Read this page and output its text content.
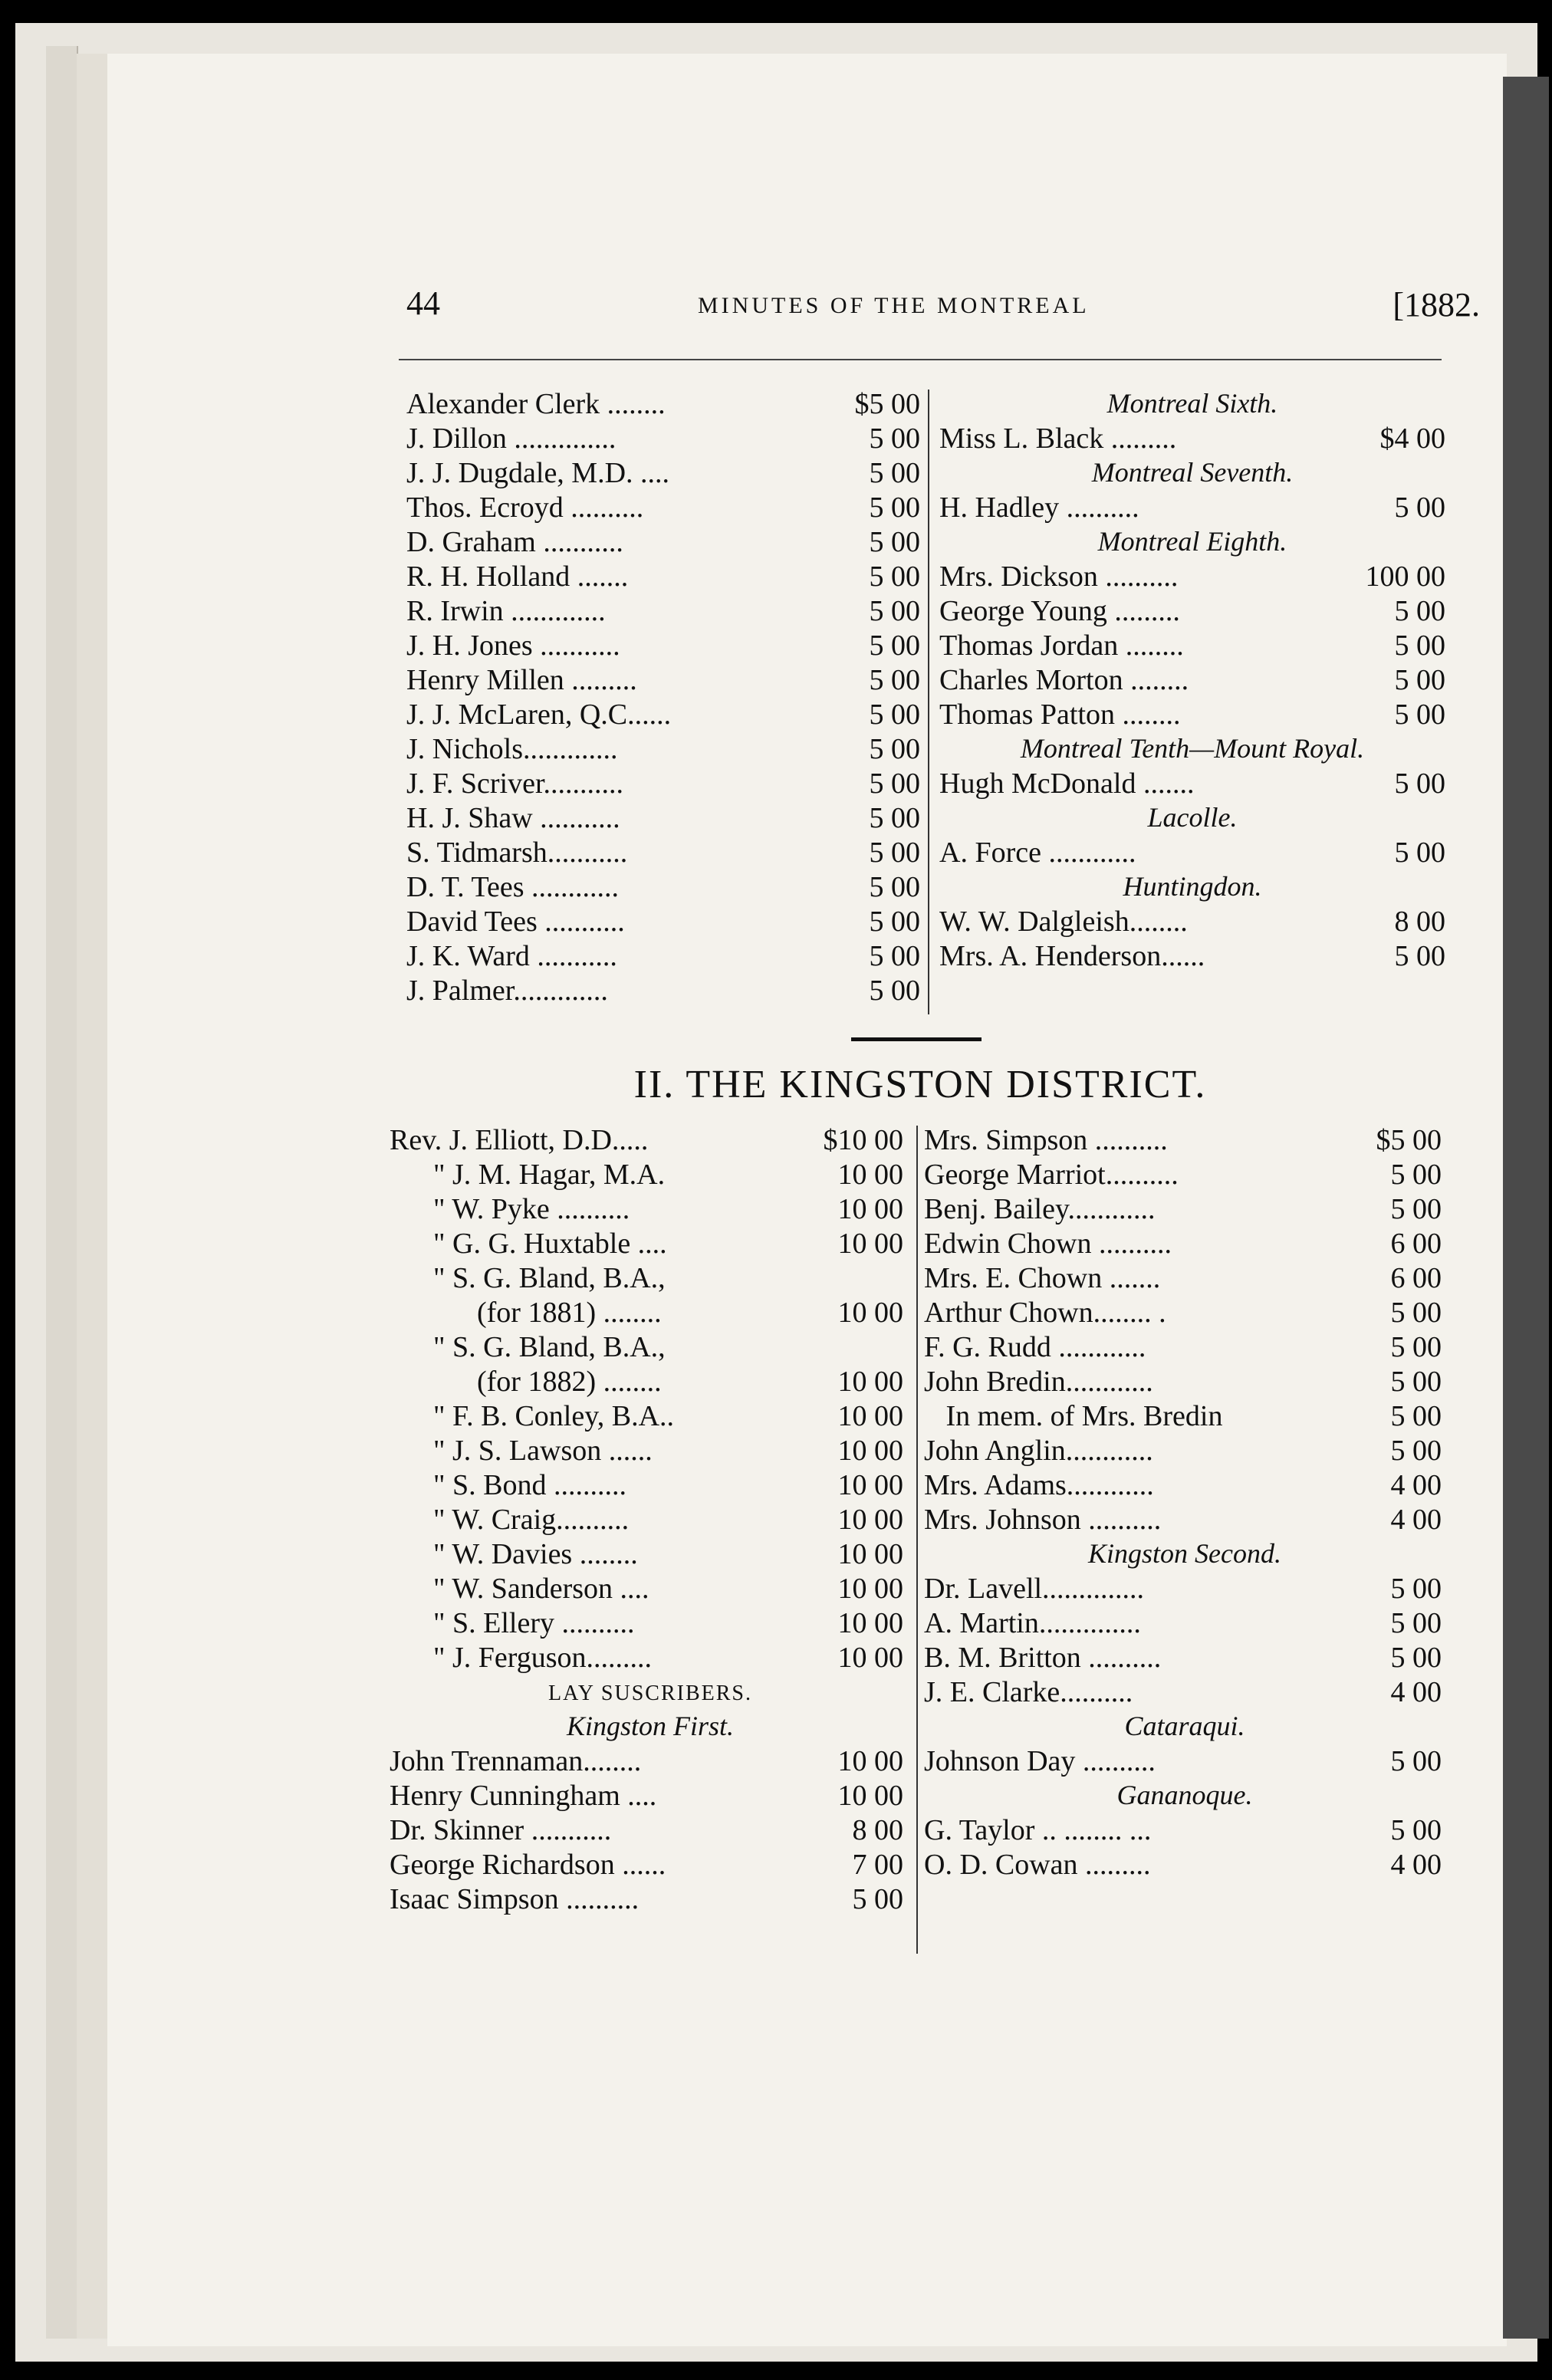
44	MINUTES OF THE MONTREAL	[1882.
Alexander Clerk ........	$5 00
J. Dillon ..............	5 00
J. J. Dugdale, M.D. ....	5 00
Thos. Ecroyd ..........	5 00
D. Graham ...........	5 00
R. H. Holland .......	5 00
R. Irwin .............	5 00
J. H. Jones ...........	5 00
Henry Millen .........	5 00
J. J. McLaren, Q.C......	5 00
J. Nichols.............	5 00
J. F. Scriver...........	5 00
H. J. Shaw ...........	5 00
S. Tidmarsh...........	5 00
D. T. Tees ............	5 00
David Tees ...........	5 00
J. K. Ward ...........	5 00
J. Palmer.............	5 00
Montreal Sixth.
Miss L. Black .........	$4 00
Montreal Seventh.
H. Hadley ..........	5 00
Montreal Eighth.
Mrs. Dickson ..........	100 00
George Young .........	5 00
Thomas Jordan ........	5 00
Charles Morton ........	5 00
Thomas Patton ........	5 00
Montreal Tenth—Mount Royal.
Hugh McDonald .......	5 00
Lacolle.
A. Force ............	5 00
Huntingdon.
W. W. Dalgleish........	8 00
Mrs. A. Henderson......	5 00
II. THE KINGSTON DISTRICT.
Rev. J. Elliott, D.D.....	$10 00
" J. M. Hagar, M.A.	10 00
" W. Pyke ..........	10 00
" G. G. Huxtable ....	10 00
" S. G. Bland, B.A.,
(for 1881) ........	10 00
" S. G. Bland, B.A.,
(for 1882) ........	10 00
" F. B. Conley, B.A..	10 00
" J. S. Lawson ......	10 00
" S. Bond ..........	10 00
" W. Craig..........	10 00
" W. Davies ........	10 00
" W. Sanderson ....	10 00
" S. Ellery ..........	10 00
" J. Ferguson.........	10 00
LAY SUSCRIBERS.
Kingston First.
John Trennaman........	10 00
Henry Cunningham ....	10 00
Dr. Skinner ...........	8 00
George Richardson ......	7 00
Isaac Simpson ..........	5 00
Mrs. Simpson ..........	$5 00
George Marriot..........	5 00
Benj. Bailey............	5 00
Edwin Chown ..........	6 00
Mrs. E. Chown .......	6 00
Arthur Chown........ .	5 00
F. G. Rudd ............	5 00
John Bredin............	5 00
In mem. of Mrs. Bredin	5 00
John Anglin............	5 00
Mrs. Adams............	4 00
Mrs. Johnson ..........	4 00
Kingston Second.
Dr. Lavell..............	5 00
A. Martin..............	5 00
B. M. Britton ..........	5 00
J. E. Clarke..........	4 00
Cataraqui.
Johnson Day ..........	5 00
Gananoque.
G. Taylor .. ........ ...	5 00
O. D. Cowan .........	4 00
